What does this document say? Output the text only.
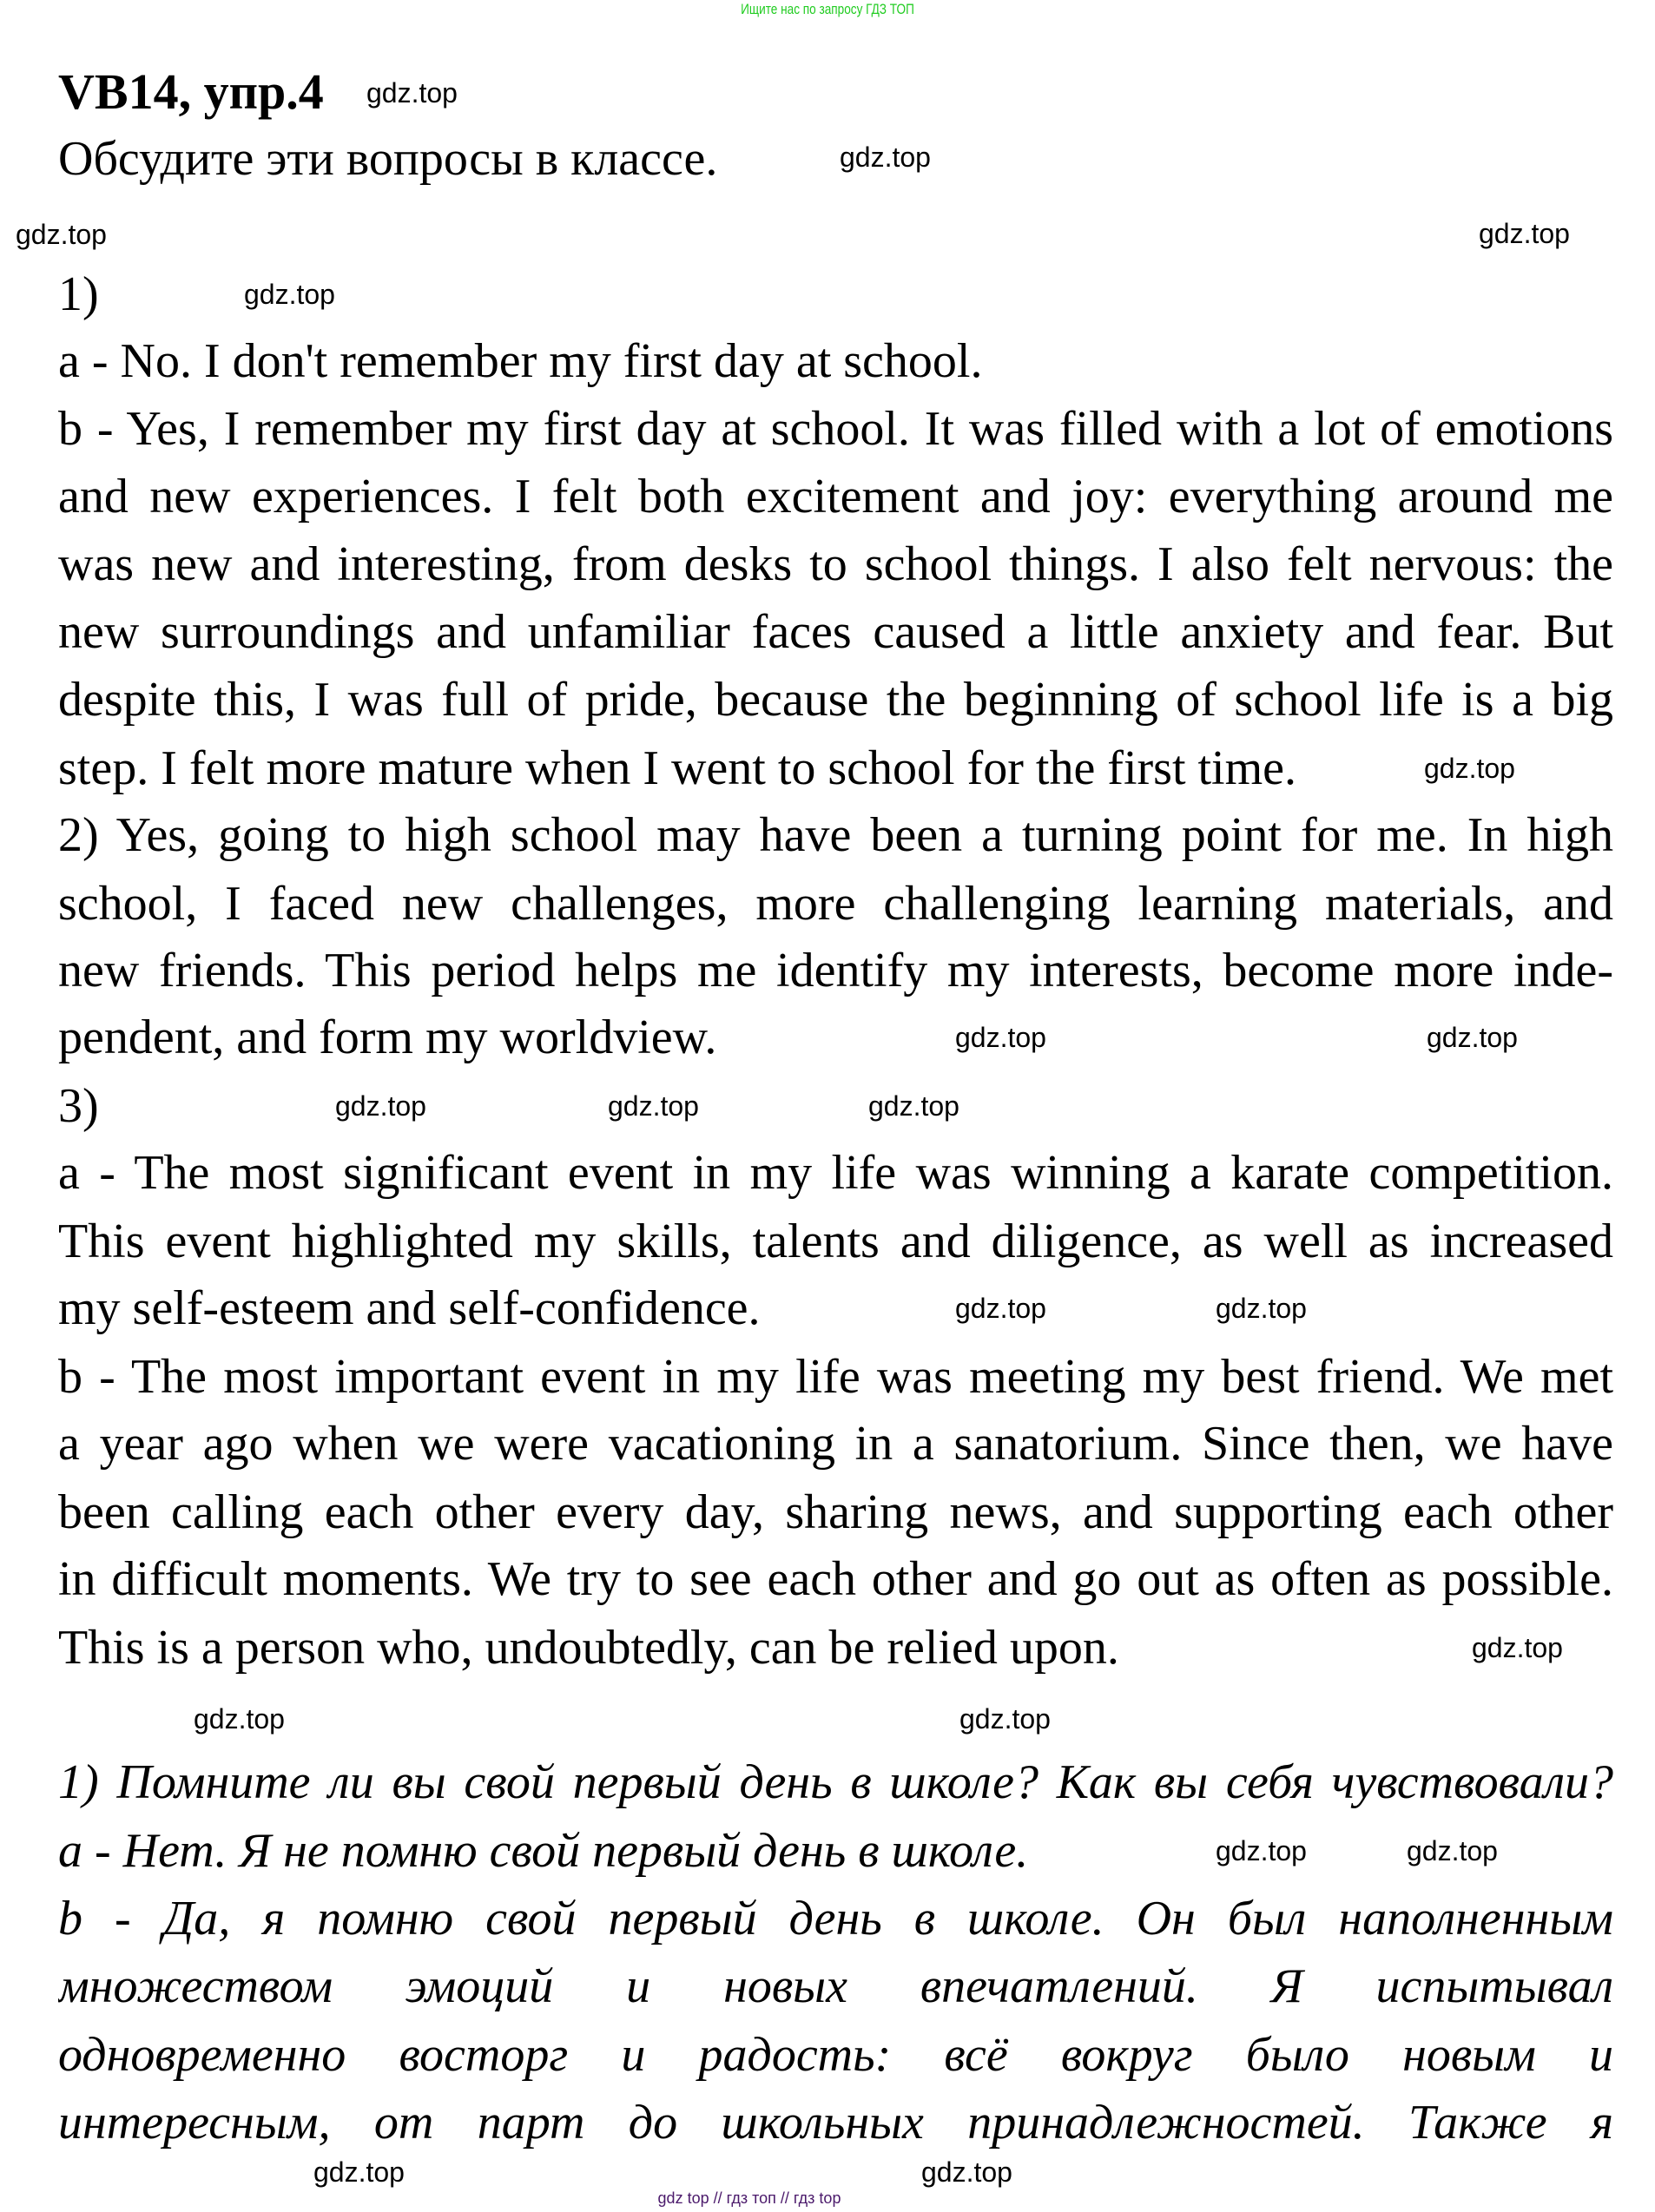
Ищите нас по запросу ГДЗ ТОП
VB14, упр.4
Обсудите эти вопросы в классе.
1)
a - No. I don't remember my first day at school.
b - Yes, I remember my first day at school. It was filled with a lot of emotions
and new experiences. I felt both excitement and joy: everything around me
was new and interesting, from desks to school things. I also felt nervous: the
new surroundings and unfamiliar faces caused a little anxiety and fear. But
despite this, I was full of pride, because the beginning of school life is a big
step. I felt more mature when I went to school for the first time.
2) Yes, going to high school may have been a turning point for me. In high
school, I faced new challenges, more challenging learning materials, and
new friends. This period helps me identify my interests, become more inde-
pendent, and form my worldview.
3)
a - The most significant event in my life was winning a karate competition.
This event highlighted my skills, talents and diligence, as well as increased
my self-esteem and self-confidence.
b - The most important event in my life was meeting my best friend. We met
a year ago when we were vacationing in a sanatorium. Since then, we have
been calling each other every day, sharing news, and supporting each other
in difficult moments. We try to see each other and go out as often as possible.
This is a person who, undoubtedly, can be relied upon.
1) Помните ли вы свой первый день в школе? Как вы себя чувствовали?
a - Нет. Я не помню свой первый день в школе.
b - Да, я помню свой первый день в школе. Он был наполненным
множеством эмоций и новых впечатлений. Я испытывал
одновременно восторг и радость: всё вокруг было новым и
интересным, от парт до школьных принадлежностей. Также я
gdz.top
gdz.top
gdz.top
gdz.top
gdz.top
gdz.top
gdz.top
gdz.top
gdz.top
gdz.top	gdz.top
gdz.top	gdz.top
gdz.top
gdz.top
gdz.top
gdz.top
gdz.top
gdz.top
gdz.top
gdz top // гдз топ // гдз top
